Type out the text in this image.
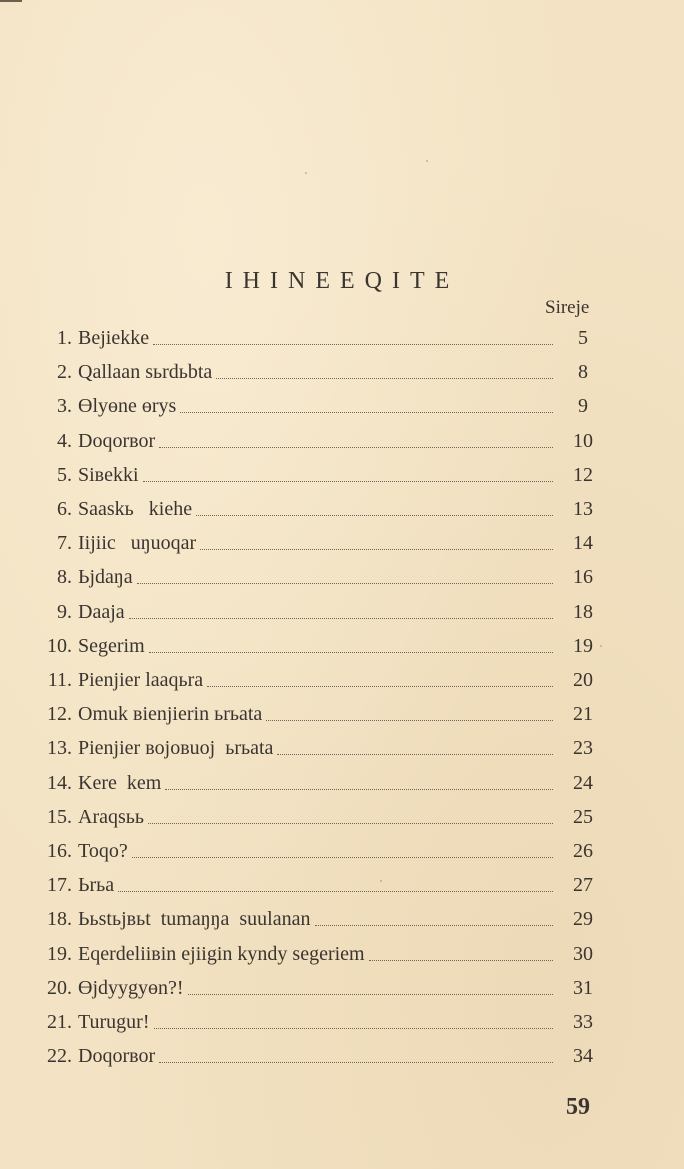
IHINEEQITE
Sireje
1. Bejiekke	5
2. Qallaan sьrdьbta	8
3. Өlyөne өrys	9
4. Doqorвor	10
5. Sівekki	12
6. Saaskь   kiehe	13
7. Iijiic   uŋuoqar	14
8. Ьjdaŋa	16
9. Daaja	18
10. Segerim	19
11. Pienjier laaqьra	20
12. Omuk віenjierin ьrьata	21
13. Pienjier вojовuoj  ьrьata	23
14. Kere  kem	24
15. Araqsьь	25
16. Toqo?	26
17. Ьrьa	27
18. Ььstьjвьt  tumaŋŋa  suulanan	29
19. Eqerdeliiвin ejiigin kyndy segeriem	30
20. Өjdyygyөn?!	31
21. Turugur!	33
22. Doqorвor	34
59
